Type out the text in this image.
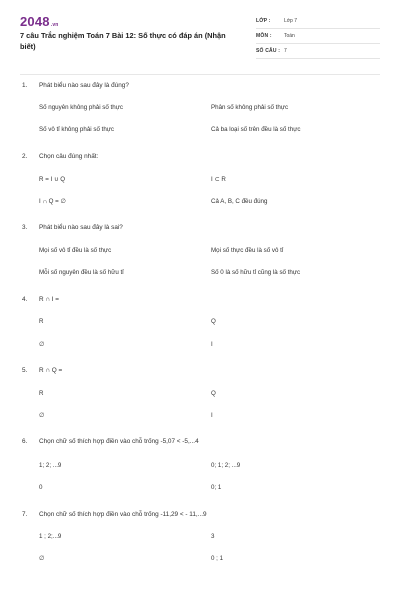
2048.vn
7 câu Trắc nghiệm Toán 7 Bài 12: Số thực có đáp án (Nhận biết)
LỚP :	Lớp 7
MÔN : Toán
SỐ CÂU : 7
1. Phát biểu nào sau đây là đúng?
Số nguyên không phải số thực	Phân số không phải số thực
Số vô tỉ không phải số thực	Cả ba loại số trên đều là số thực
2. Chọn câu đúng nhất:
R = I ∪ Q	I ⊂ R
I ∩ Q = ∅	Cả A, B, C đều đúng
3. Phát biểu nào sau đây là sai?
Mọi số vô tỉ đều là số thực	Mọi số thực đều là số vô tỉ
Mỗi số nguyên đều là số hữu tỉ	Số 0 là số hữu tỉ cũng là số thực
4. R ∩ I =
R	Q
∅	I
5. R ∩ Q =
R	Q
∅	I
6. Chọn chữ số thích hợp điền vào chỗ trống -5,07 < -5,...4
1; 2; ...9	0; 1; 2; ...9
0	0; 1
7. Chọn chữ số thích hợp điền vào chỗ trống -11,29 < - 11,...9
1 ; 2;...9	3
∅	0 ; 1
